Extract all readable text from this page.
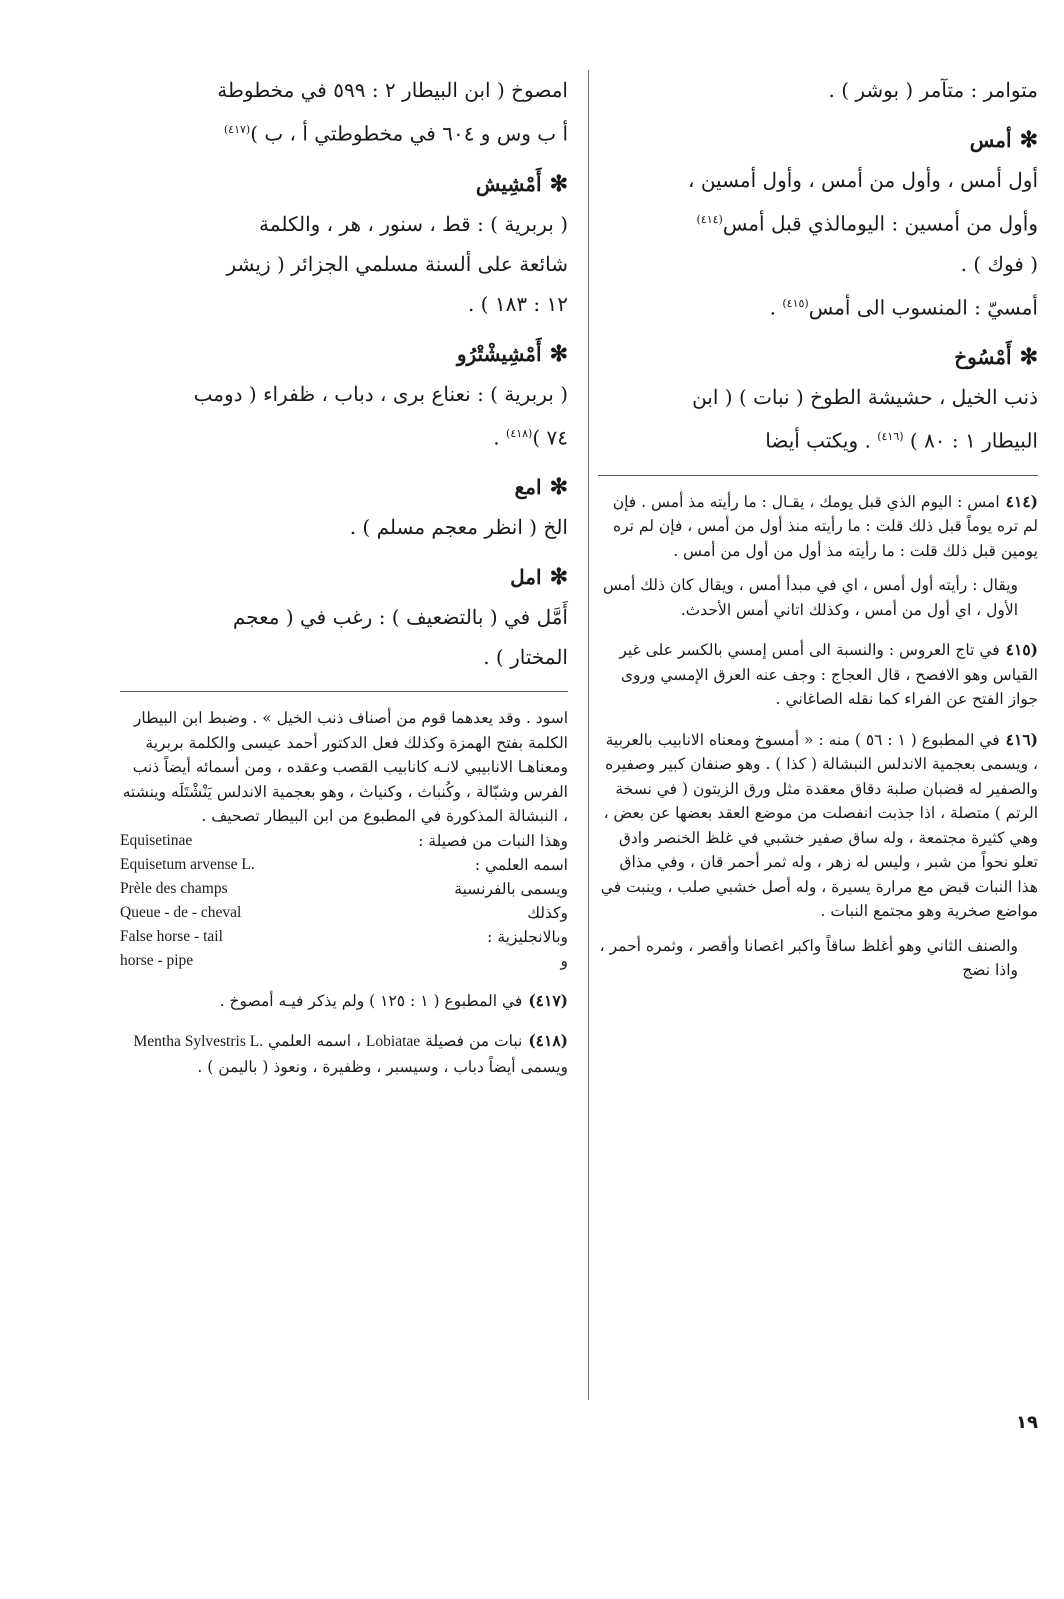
متوامر : متآمر ( بوشر ) .

✻أمس

أول أمس ، وأول من أمس ، وأول أمسين ،

وأول من أمسين : اليومالذي قبل أمس$^{(٤١٤)}$

( فوك ) .

أمسيّ : المنسوب الى أمس$^{(٤١٥)}$ .

✻أَمْسُوخ

ذنب الخيل ، حشيشة الطوخ ( نبات ) ( ابن

البيطار ١ : ٨٠ ) $^{(٤١٦)}$ . ويكتب أيضا

(٤١٤امس : اليوم الذي قبل يومك ، يقـال : ما رأيته مذ أمس . فإن لم تره يوماً قبل ذلك قلت : ما رأيته منذ أول من أمس ، فإن لم تره يومين قبل ذلك قلت : ما رأيته مذ أول من أول من أمس .

ويقال : رأيته أول أمس ، اي في مبدأ أمس ، ويقال كان ذلك أمس الأول ، اي أول من أمس ، وكذلك اتاني أمس الأحدث.

(٤١٥في تاج العروس : والنسبة الى أمس إمسي بالكسر على غير القياس وهو الافصح ، قال العجاج : وجف عنه العرق الإمسي وروى جواز الفتح عن الفراء كما نقله الصاغاني .

(٤١٦في المطبوع ( ١ : ٥٦ ) منه : « أمسوخ ومعناه الانابيب بالعربية ، ويسمى بعجمية الاندلس النبشالة ( كذا ) . وهو صنفان كبير وصفيره والصفير له قضبان صلبة دقاق معقدة مثل ورق الزيتون ( في نسخة الرتم ) متصلة ، اذا جذبت انفصلت من موضع العقد بعضها عن بعض ، وهي كثيرة مجتمعة ، وله ساق صفير خشبي في غلظ الخنصر وادق تعلو نحواً من شبر ، وليس له زهر ، وله ثمر أحمر قان ، وفي مذاق هذا النبات قبض مع مرارة يسيرة ، وله أصل خشبي صلب ، وينبت في مواضع صخرية وهو مجتمع النبات .

والصنف الثاني وهو أغلظ ساقاً واكبر اغصانا وأقصر ، وثمره أحمر ، واذا نضج

امصوخ ( ابن البيطار ٢ : ٥٩٩ في مخطوطة

أ ب وس و ٦٠٤ في مخطوطتي أ ، ب )$^{(٤١٧)}$

✻أَمْشِيش

( بربرية ) : قط ، سنور ، هر ، والكلمة

شائعة على ألسنة مسلمي الجزائر ( زيشر

١٢ : ١٨٣ ) .

✻أَمْشِيشْتْرُو

( بربرية ) : نعناع برى ، دباب ، ظفراء ( دومب

٧٤ )$^{(٤١٨)}$ .

✻امع

الخ ( انظر معجم مسلم ) .

✻امل

أَمَّل في ( بالتضعيف ) : رغب في ( معجم

المختار ) .

اسود . وقد يعدهما قوم من أصناف ذنب الخيل » . وضبط ابن البيطار الكلمة بفتح الهمزة وكذلك فعل الدكتور أحمد عيسى والكلمة بربرية ومعناهـا الانابيبي لانـه كانابيب القصب وعقده ، ومن أسمائه أيضاً ذنب الفرس وشبّالة ، وكُنباث ، وكنياث ، وهو بعجمية الاندلس يَنْشْتَلَه وينشته ، النبشالة المذكورة في المطبوع من ابن البيطار تصحيف .

وهذا النبات من فصيلة :	Equisetinae
اسمه العلمي :	Equisetum arvense L.
ويسمى بالفرنسية	Prèle des champs
وكذلك	Queue - de - cheval
وبالانجليزية :	False horse - tail
و	horse - pipe

(٤١٧)في المطبوع ( ١ : ١٢٥ ) ولم يذكر فيـه أمصوخ .

(٤١٨)نبات من فصيلة Lobiatae ، اسمه العلمي Mentha Sylvestris L. ويسمى أيضاً دباب ، وسيسبر ، وظفيرة ، ونعوذ ( باليمن ) .

١٩
